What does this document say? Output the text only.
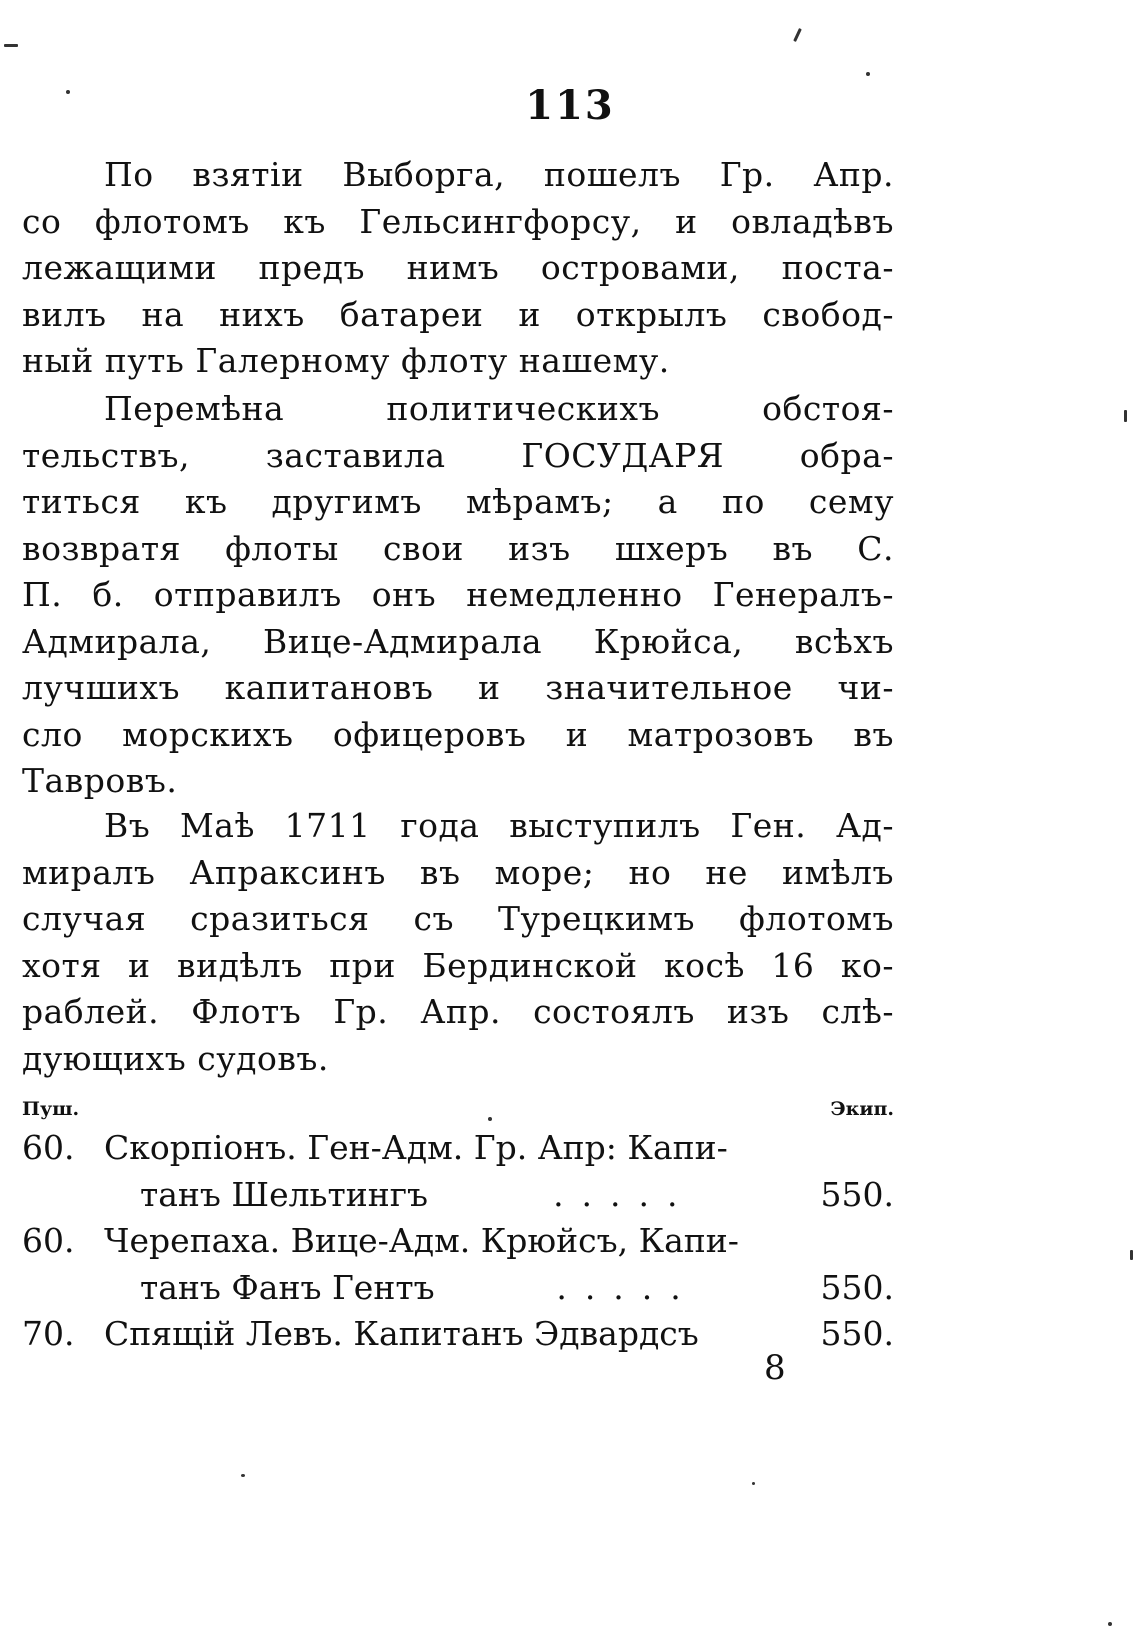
113
По взятіи Выборга, пошелъ Гр. Апр.
со флотомъ къ Гельсингфорсу, и овладѣвъ
лежащими предъ нимъ островами, поста-
вилъ на нихъ батареи и открылъ свобод-
ный путь Галерному флоту нашему.
Перемѣна политическихъ обстоя-
тельствъ, заставила ГОСУДАРЯ обра-
титься къ другимъ мѣрамъ; а по сему
возвратя флоты свои изъ шхеръ въ С.
П. б. отправилъ онъ немедленно Генералъ-
Адмирала, Вице-Адмирала Крюйса, всѣхъ
лучшихъ капитановъ и значительное чи-
сло морскихъ офицеровъ и матрозовъ въ
Тавровъ.
Въ Маѣ 1711 года выступилъ Ген. Ад-
миралъ Апраксинъ въ море; но не имѣлъ
случая сразиться съ Турецкимъ флотомъ
хотя и видѣлъ при Бердинской косѣ 16 ко-
раблей. Флотъ Гр. Апр. состоялъ изъ слѣ-
дующихъ судовъ.
Пуш.	Экип.
60. Скорпіонъ. Ген-Адм. Гр. Апр: Капи-
танъ Шельтингъ	.....	550.
60. Черепаха. Вице-Адм. Крюйсъ, Капи-
танъ Фанъ Гентъ	.....	550.
70. Спящій Левъ. Капитанъ Эдвардсъ	550.
8
